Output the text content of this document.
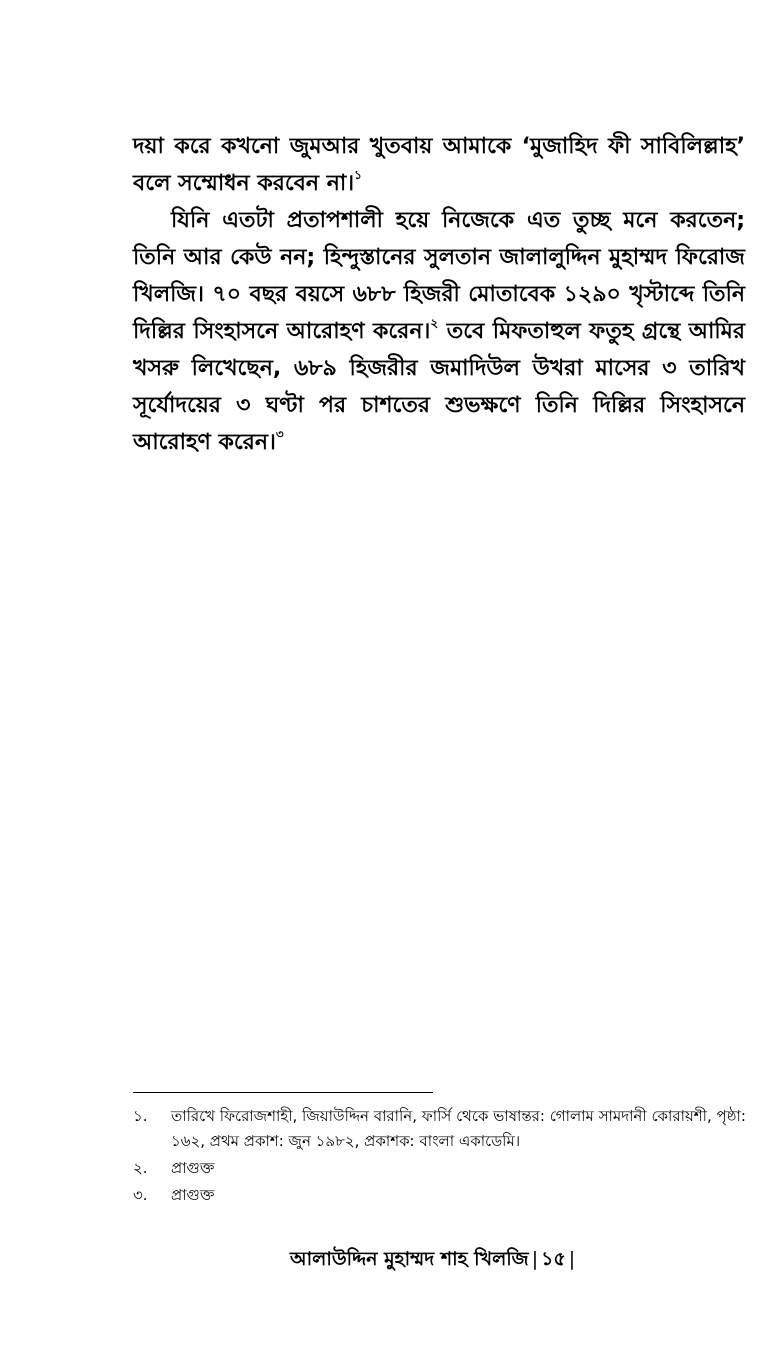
দয়া করে কখনো জুমআর খুতবায় আমাকে ‘মুজাহিদ ফী সাবিলিল্লাহ’ বলে সম্মোধন করবেন না।$^১$

যিনি এতটা প্রতাপশালী হয়ে নিজেকে এত তুচ্ছ মনে করতেন; তিনি আর কেউ নন; হিন্দুস্তানের সুলতান জালালুদ্দিন মুহাম্মদ ফিরোজ খিলজি। ৭০ বছর বয়সে ৬৮৮ হিজরী মোতাবেক ১২৯০ খৃস্টাব্দে তিনি দিল্লির সিংহাসনে আরোহণ করেন।$^২$ তবে মিফতাহুল ফতুহ গ্রন্থে আমির খসরু লিখেছেন, ৬৮৯ হিজরীর জমাদিউল উখরা মাসের ৩ তারিখ সূর্যোদয়ের ৩ ঘণ্টা পর চাশতের শুভক্ষণে তিনি দিল্লির সিংহাসনে আরোহণ করেন।$^৩$

১.	তারিখে ফিরোজশাহী, জিয়াউদ্দিন বারানি, ফার্সি থেকে ভাষান্তর: গোলাম সামদানী কোরায়শী, পৃষ্ঠা: ১৬২, প্রথম প্রকাশ: জুন ১৯৮২, প্রকাশক: বাংলা একাডেমি।
২.	প্রাগুক্ত
৩.	প্রাগুক্ত
আলাউদ্দিন মুহাম্মদ শাহ খিলজি | ১৫ |
